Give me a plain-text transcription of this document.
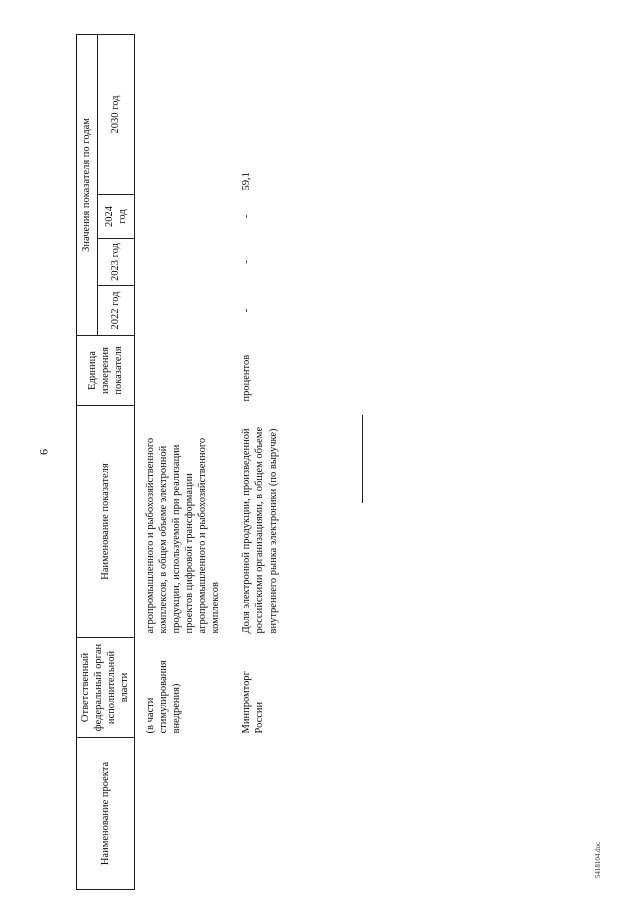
6
5418104.doc
Наименование проекта	Ответственный федеральный орган исполнительной власти	Наименование показателя	Единица измерения показателя	Значения показателя по годам			
				2022 год	2023 год	2024 год	2030 год

	(в части стимулирования внедрения)	агропромышленного и рыбохозяйственного комплексов, в общем объеме электронной продукции, используемой при реализации проектов цифровой трансформации агропромышленного и рыбохозяйственного комплексов					
	Минпромторг России	Доля электронной продукции, произведенной российскими организациями, в общем объеме внутреннего рынка электроники (по выручке)	процентов	-	-	-	59,1
